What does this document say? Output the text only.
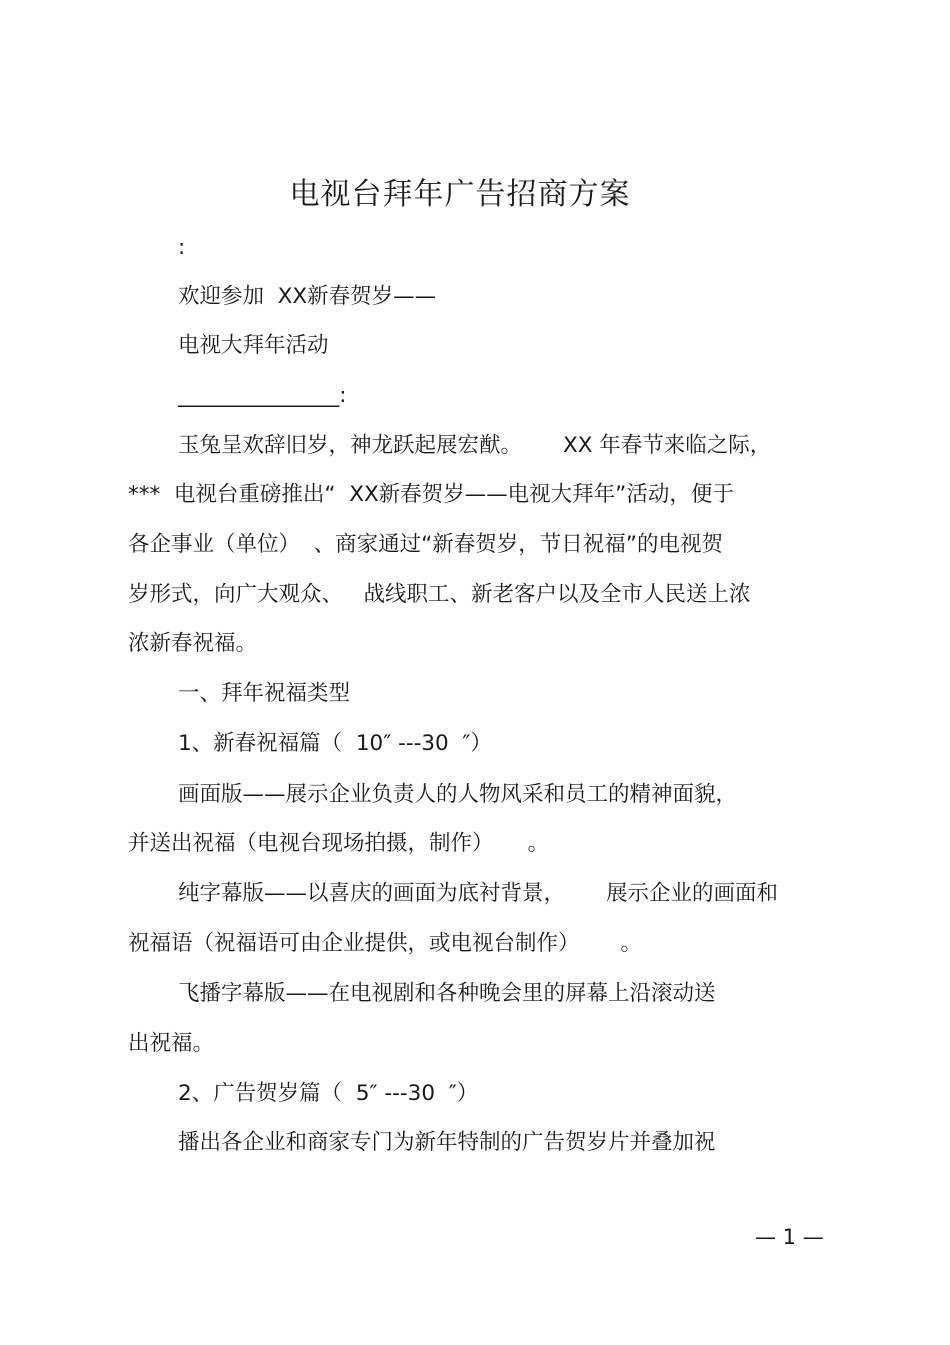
电视台拜年广告招商方案
:
欢迎参加  XX新春贺岁——
电视大拜年活动
_______________:
玉兔呈欢辞旧岁，神龙跃起展宏猷。      XX 年春节来临之际，
***  电视台重磅推出“  XX新春贺岁——电视大拜年”活动，便于
各企事业（单位）  、商家通过“新春贺岁，节日祝福”的电视贺
岁形式，向广大观众、   战线职工、新老客户以及全市人民送上浓
浓新春祝福。
一、拜年祝福类型
1、新春祝福篇（  10″ ---30  ″）
画面版——展示企业负责人的人物风采和员工的精神面貌，
并送出祝福（电视台现场拍摄，制作）     。
纯字幕版——以喜庆的画面为底衬背景，      展示企业的画面和
祝福语（祝福语可由企业提供，或电视台制作）      。
飞播字幕版——在电视剧和各种晚会里的屏幕上沿滚动送
出祝福。
2、广告贺岁篇（  5″ ---30  ″）
播出各企业和商家专门为新年特制的广告贺岁片并叠加祝
— 1 —
